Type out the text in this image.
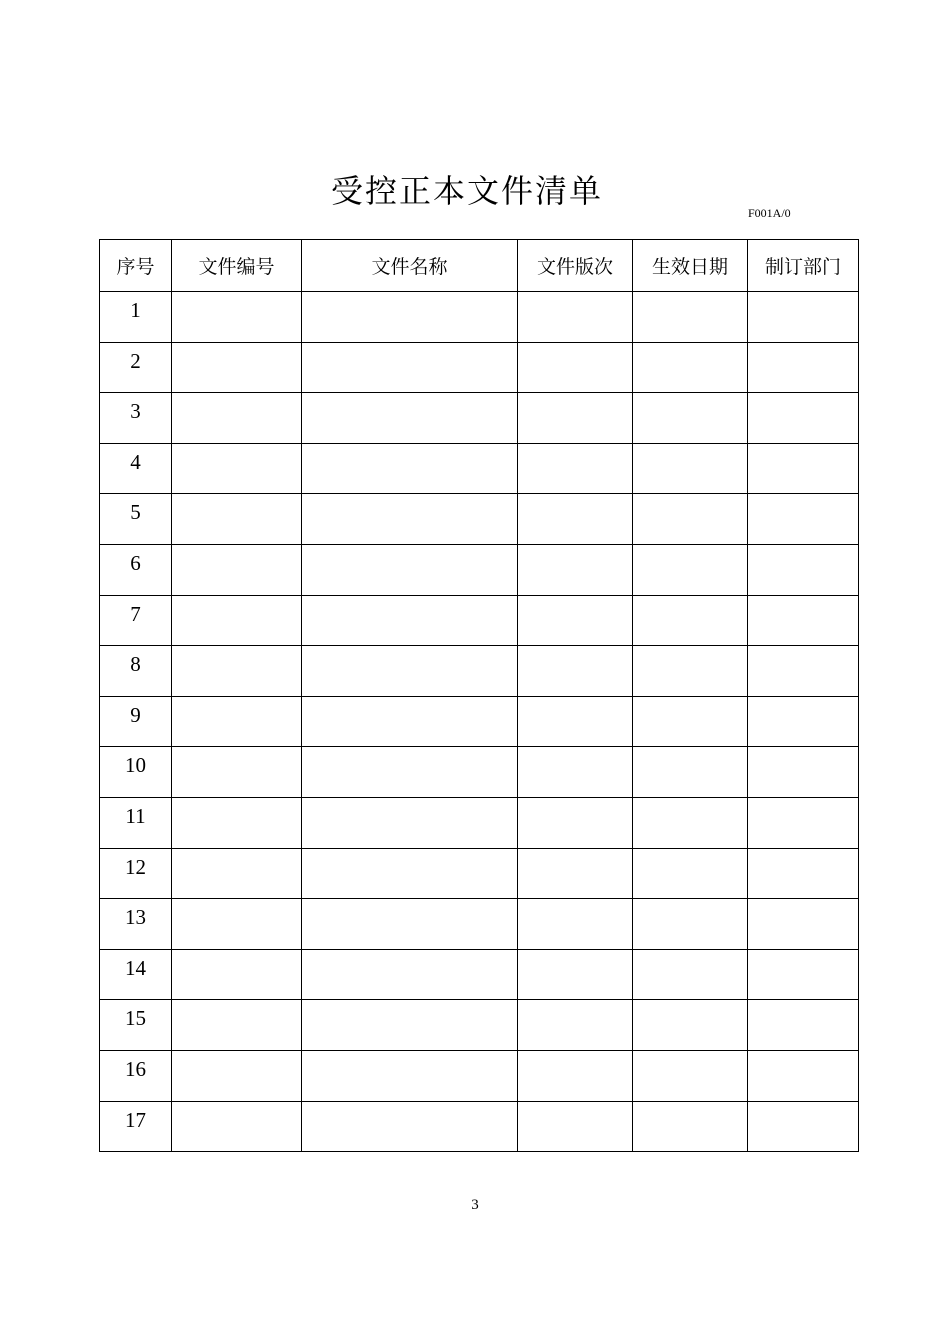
受控正本文件清单
F001A/0
序号	文件编号	文件名称	文件版次	生效日期	制订部门
1					
2					
3					
4					
5					
6					
7					
8					
9					
10					
11					
12					
13					
14					
15					
16					
17					
3
